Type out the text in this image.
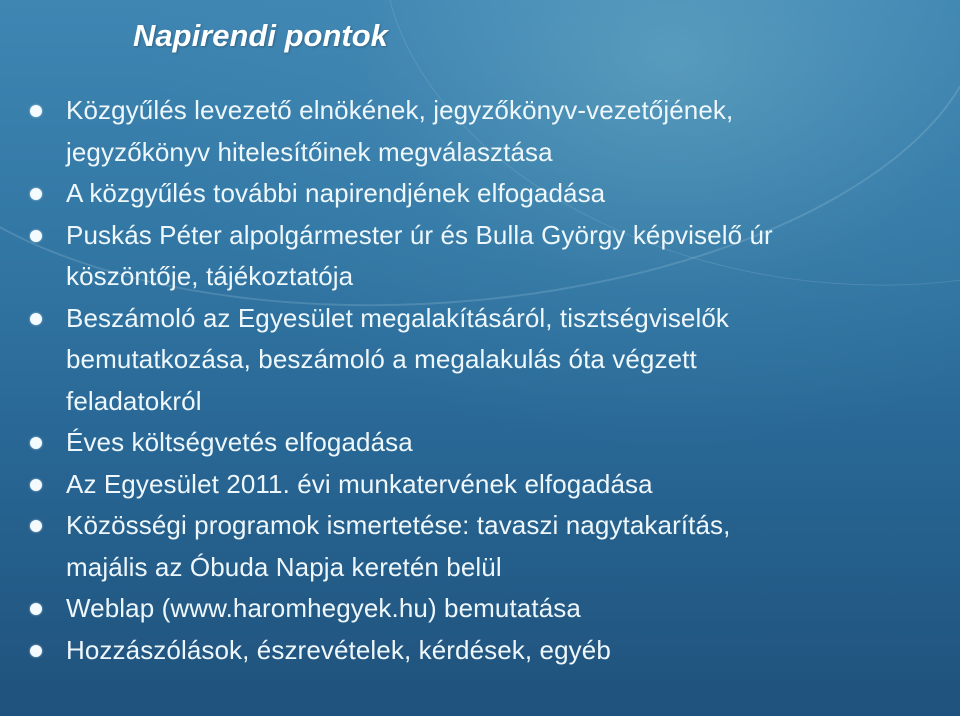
Napirendi pontok
Közgyűlés levezető elnökének, jegyzőkönyv-vezetőjének,
jegyzőkönyv hitelesítőinek megválasztása
A közgyűlés további napirendjének elfogadása
Puskás Péter alpolgármester úr és Bulla György képviselő úr
köszöntője, tájékoztatója
Beszámoló az Egyesület megalakításáról, tisztségviselők
bemutatkozása, beszámoló a megalakulás óta végzett
feladatokról
Éves költségvetés elfogadása
Az Egyesület 2011. évi munkatervének elfogadása
Közösségi programok ismertetése: tavaszi nagytakarítás,
majális az Óbuda Napja keretén belül
Weblap (www.haromhegyek.hu) bemutatása
Hozzászólások, észrevételek, kérdések, egyéb
